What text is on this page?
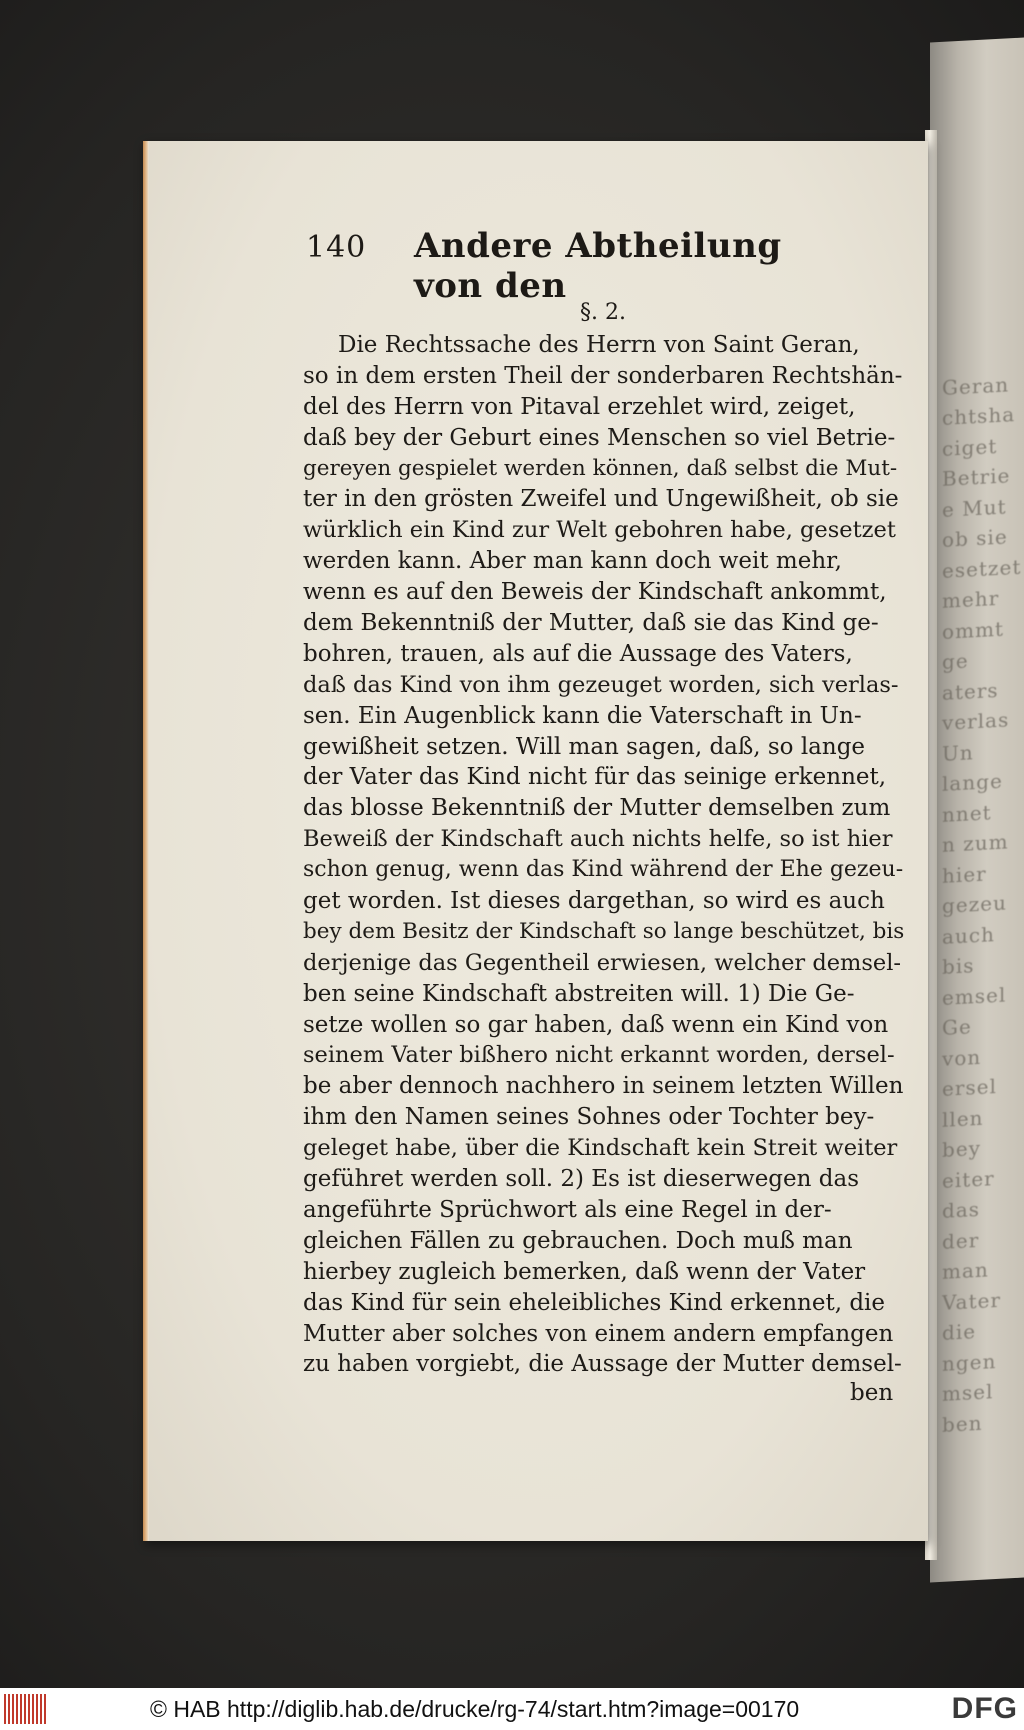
Geran
chtsha
ciget
Betrie
e Mut
ob sie
esetzet
mehr
ommt
ge
aters
verlas
Un
lange
nnet
n zum
hier
gezeu
auch
bis
emsel
Ge
von
ersel
llen
bey
eiter
das
der
man
Vater
die
ngen
msel
ben
140 Andere Abtheilung von den
§. 2.
Die Rechtssache des Herrn von Saint Geran,
so in dem ersten Theil der sonderbaren Rechtshän-
del des Herrn von Pitaval erzehlet wird, zeiget,
daß bey der Geburt eines Menschen so viel Betrie-
gereyen gespielet werden können, daß selbst die Mut-
ter in den grösten Zweifel und Ungewißheit, ob sie
würklich ein Kind zur Welt gebohren habe, gesetzet
werden kann. Aber man kann doch weit mehr,
wenn es auf den Beweis der Kindschaft ankommt,
dem Bekenntniß der Mutter, daß sie das Kind ge-
bohren, trauen, als auf die Aussage des Vaters,
daß das Kind von ihm gezeuget worden, sich verlas-
sen. Ein Augenblick kann die Vaterschaft in Un-
gewißheit setzen. Will man sagen, daß, so lange
der Vater das Kind nicht für das seinige erkennet,
das blosse Bekenntniß der Mutter demselben zum
Beweiß der Kindschaft auch nichts helfe, so ist hier
schon genug, wenn das Kind während der Ehe gezeu-
get worden. Ist dieses dargethan, so wird es auch
bey dem Besitz der Kindschaft so lange beschützet, bis
derjenige das Gegentheil erwiesen, welcher demsel-
ben seine Kindschaft abstreiten will. 1) Die Ge-
setze wollen so gar haben, daß wenn ein Kind von
seinem Vater bißhero nicht erkannt worden, dersel-
be aber dennoch nachhero in seinem letzten Willen
ihm den Namen seines Sohnes oder Tochter bey-
geleget habe, über die Kindschaft kein Streit weiter
geführet werden soll. 2) Es ist dieserwegen das
angeführte Sprüchwort als eine Regel in der-
gleichen Fällen zu gebrauchen. Doch muß man
hierbey zugleich bemerken, daß wenn der Vater
das Kind für sein eheleibliches Kind erkennet, die
Mutter aber solches von einem andern empfangen
zu haben vorgiebt, die Aussage der Mutter demsel-
ben
© HAB http://diglib.hab.de/drucke/rg-74/start.htm?image=00170	DFG
